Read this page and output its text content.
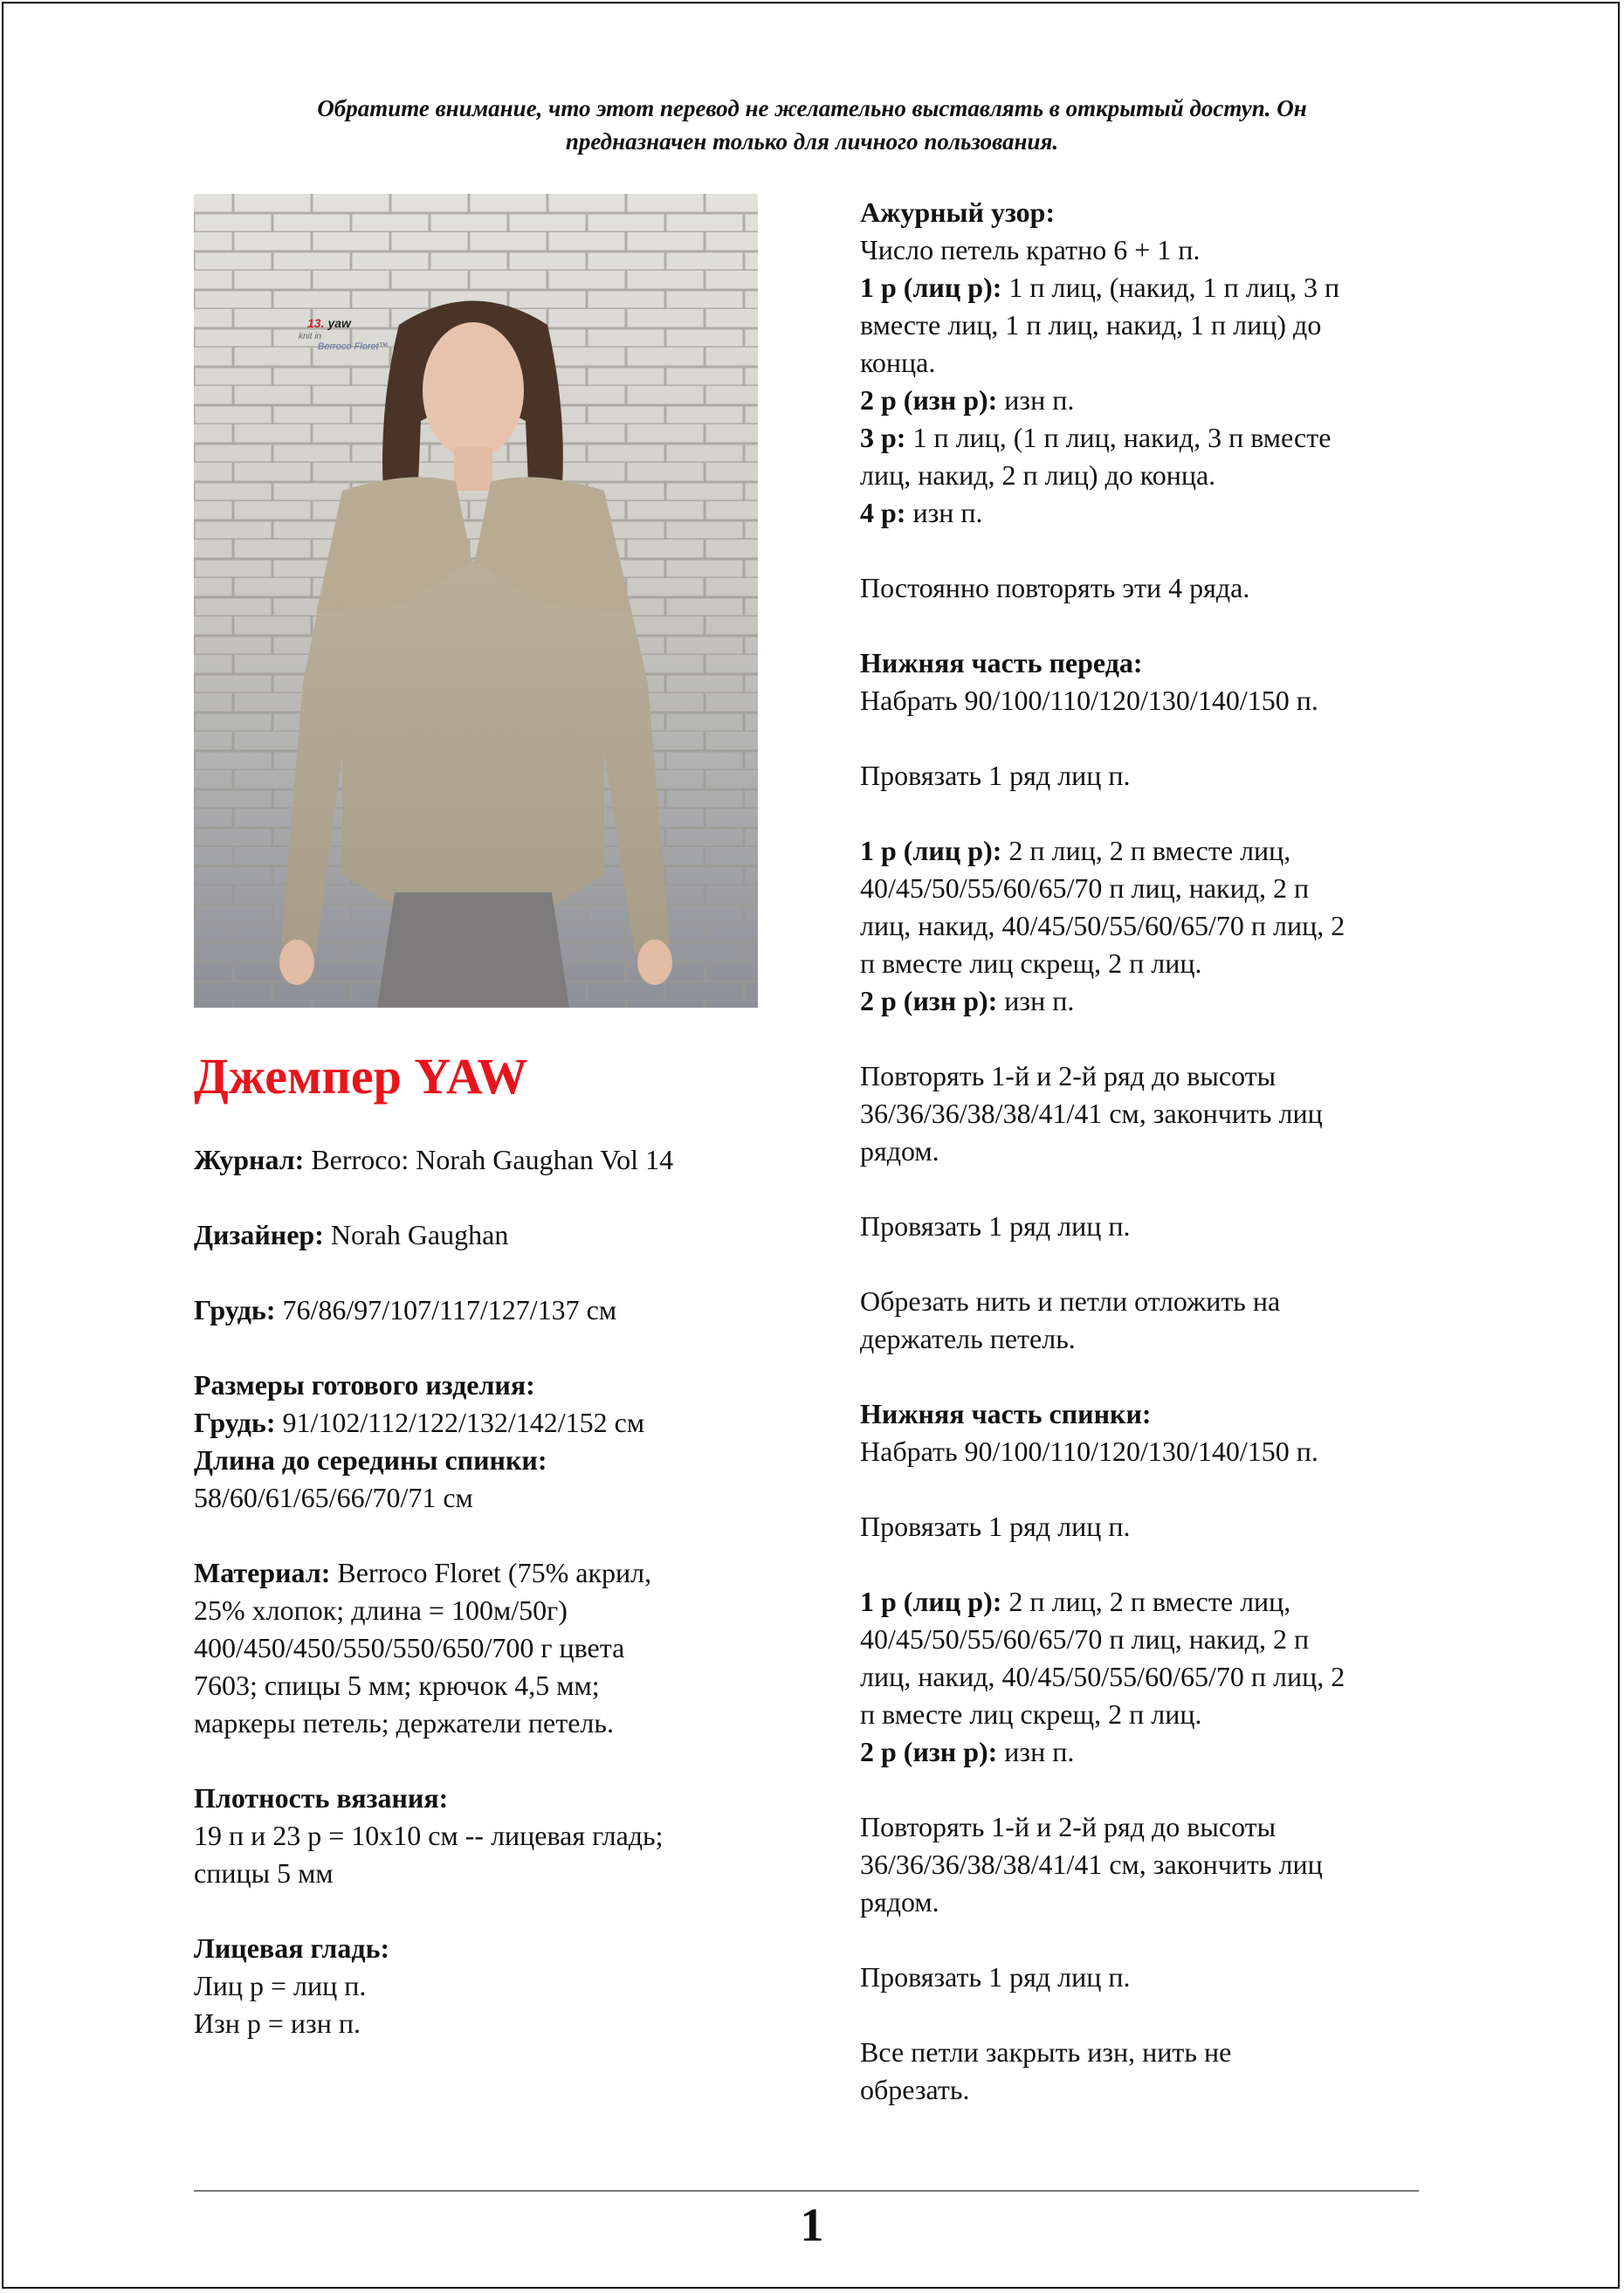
Обратите внимание, что этот перевод не желательно выставлять в открытый доступ. Он
предназначен только для личного пользования.
13. yaw
knit in
Berroco Floret™
Джемпер YAW
Журнал: Berroco: Norah Gaughan Vol 14
Дизайнер: Norah Gaughan
Грудь: 76/86/97/107/117/127/137 см
Размеры готового изделия:
Грудь: 91/102/112/122/132/142/152 см
Длина до середины спинки:
58/60/61/65/66/70/71 см
Материал: Berroco Floret (75% акрил,
25% хлопок; длина = 100м/50г)
400/450/450/550/550/650/700 г цвета
7603; спицы 5 мм; крючок 4,5 мм;
маркеры петель; держатели петель.
Плотность вязания:
19 п и 23 р = 10х10 см -- лицевая гладь;
спицы 5 мм
Лицевая гладь:
Лиц р = лиц п.
Изн р = изн п.
Ажурный узор:
Число петель кратно 6 + 1 п.
1 р (лиц р): 1 п лиц, (накид, 1 п лиц, 3 п
вместе лиц, 1 п лиц, накид, 1 п лиц) до
конца.
2 р (изн р): изн п.
3 р: 1 п лиц, (1 п лиц, накид, 3 п вместе
лиц, накид, 2 п лиц) до конца.
4 р: изн п.
Постоянно повторять эти 4 ряда.
Нижняя часть переда:
Набрать 90/100/110/120/130/140/150 п.
Провязать 1 ряд лиц п.
1 р (лиц р): 2 п лиц, 2 п вместе лиц,
40/45/50/55/60/65/70 п лиц, накид, 2 п
лиц, накид, 40/45/50/55/60/65/70 п лиц, 2
п вместе лиц скрещ, 2 п лиц.
2 р (изн р): изн п.
Повторять 1-й и 2-й ряд до высоты
36/36/36/38/38/41/41 см, закончить лиц
рядом.
Провязать 1 ряд лиц п.
Обрезать нить и петли отложить на
держатель петель.
Нижняя часть спинки:
Набрать 90/100/110/120/130/140/150 п.
Провязать 1 ряд лиц п.
1 р (лиц р): 2 п лиц, 2 п вместе лиц,
40/45/50/55/60/65/70 п лиц, накид, 2 п
лиц, накид, 40/45/50/55/60/65/70 п лиц, 2
п вместе лиц скрещ, 2 п лиц.
2 р (изн р): изн п.
Повторять 1-й и 2-й ряд до высоты
36/36/36/38/38/41/41 см, закончить лиц
рядом.
Провязать 1 ряд лиц п.
Все петли закрыть изн, нить не
обрезать.
1
